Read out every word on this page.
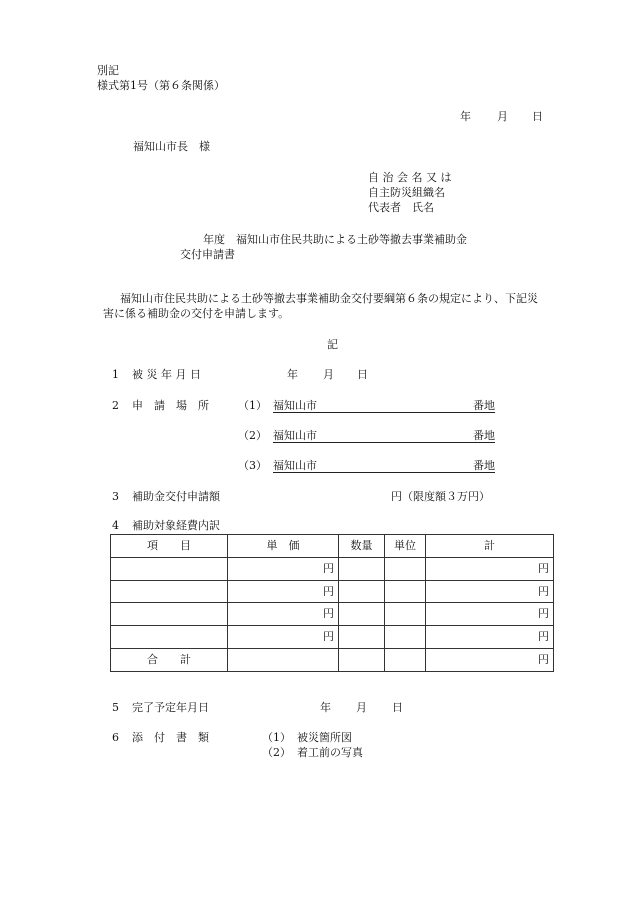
別記
様式第1号（第６条関係）
年 月 日
福知山市長　様
自 治 会 名 又 は
自主防災組織名
代表者　氏名
年度　福知山市住民共助による土砂等撤去事業補助金
交付申請書
福知山市住民共助による土砂等撤去事業補助金交付要綱第６条の規定により、下記災
害に係る補助金の交付を申請します。
記
1 被 災 年 月 日	年 月 日
2 申　請　場　所	（1） 福知山市	番地
（2） 福知山市	番地
（3） 福知山市	番地
3 補助金交付申請額	円（限度額３万円）
4 補助対象経費内訳
項　　目	単　価	数量	単位	計
	円			円
	円			円
	円			円
	円			円
合　　計				円
5 完了予定年月日	年 月 日
6 添　付　書　類	（1） 被災箇所図
（2） 着工前の写真
